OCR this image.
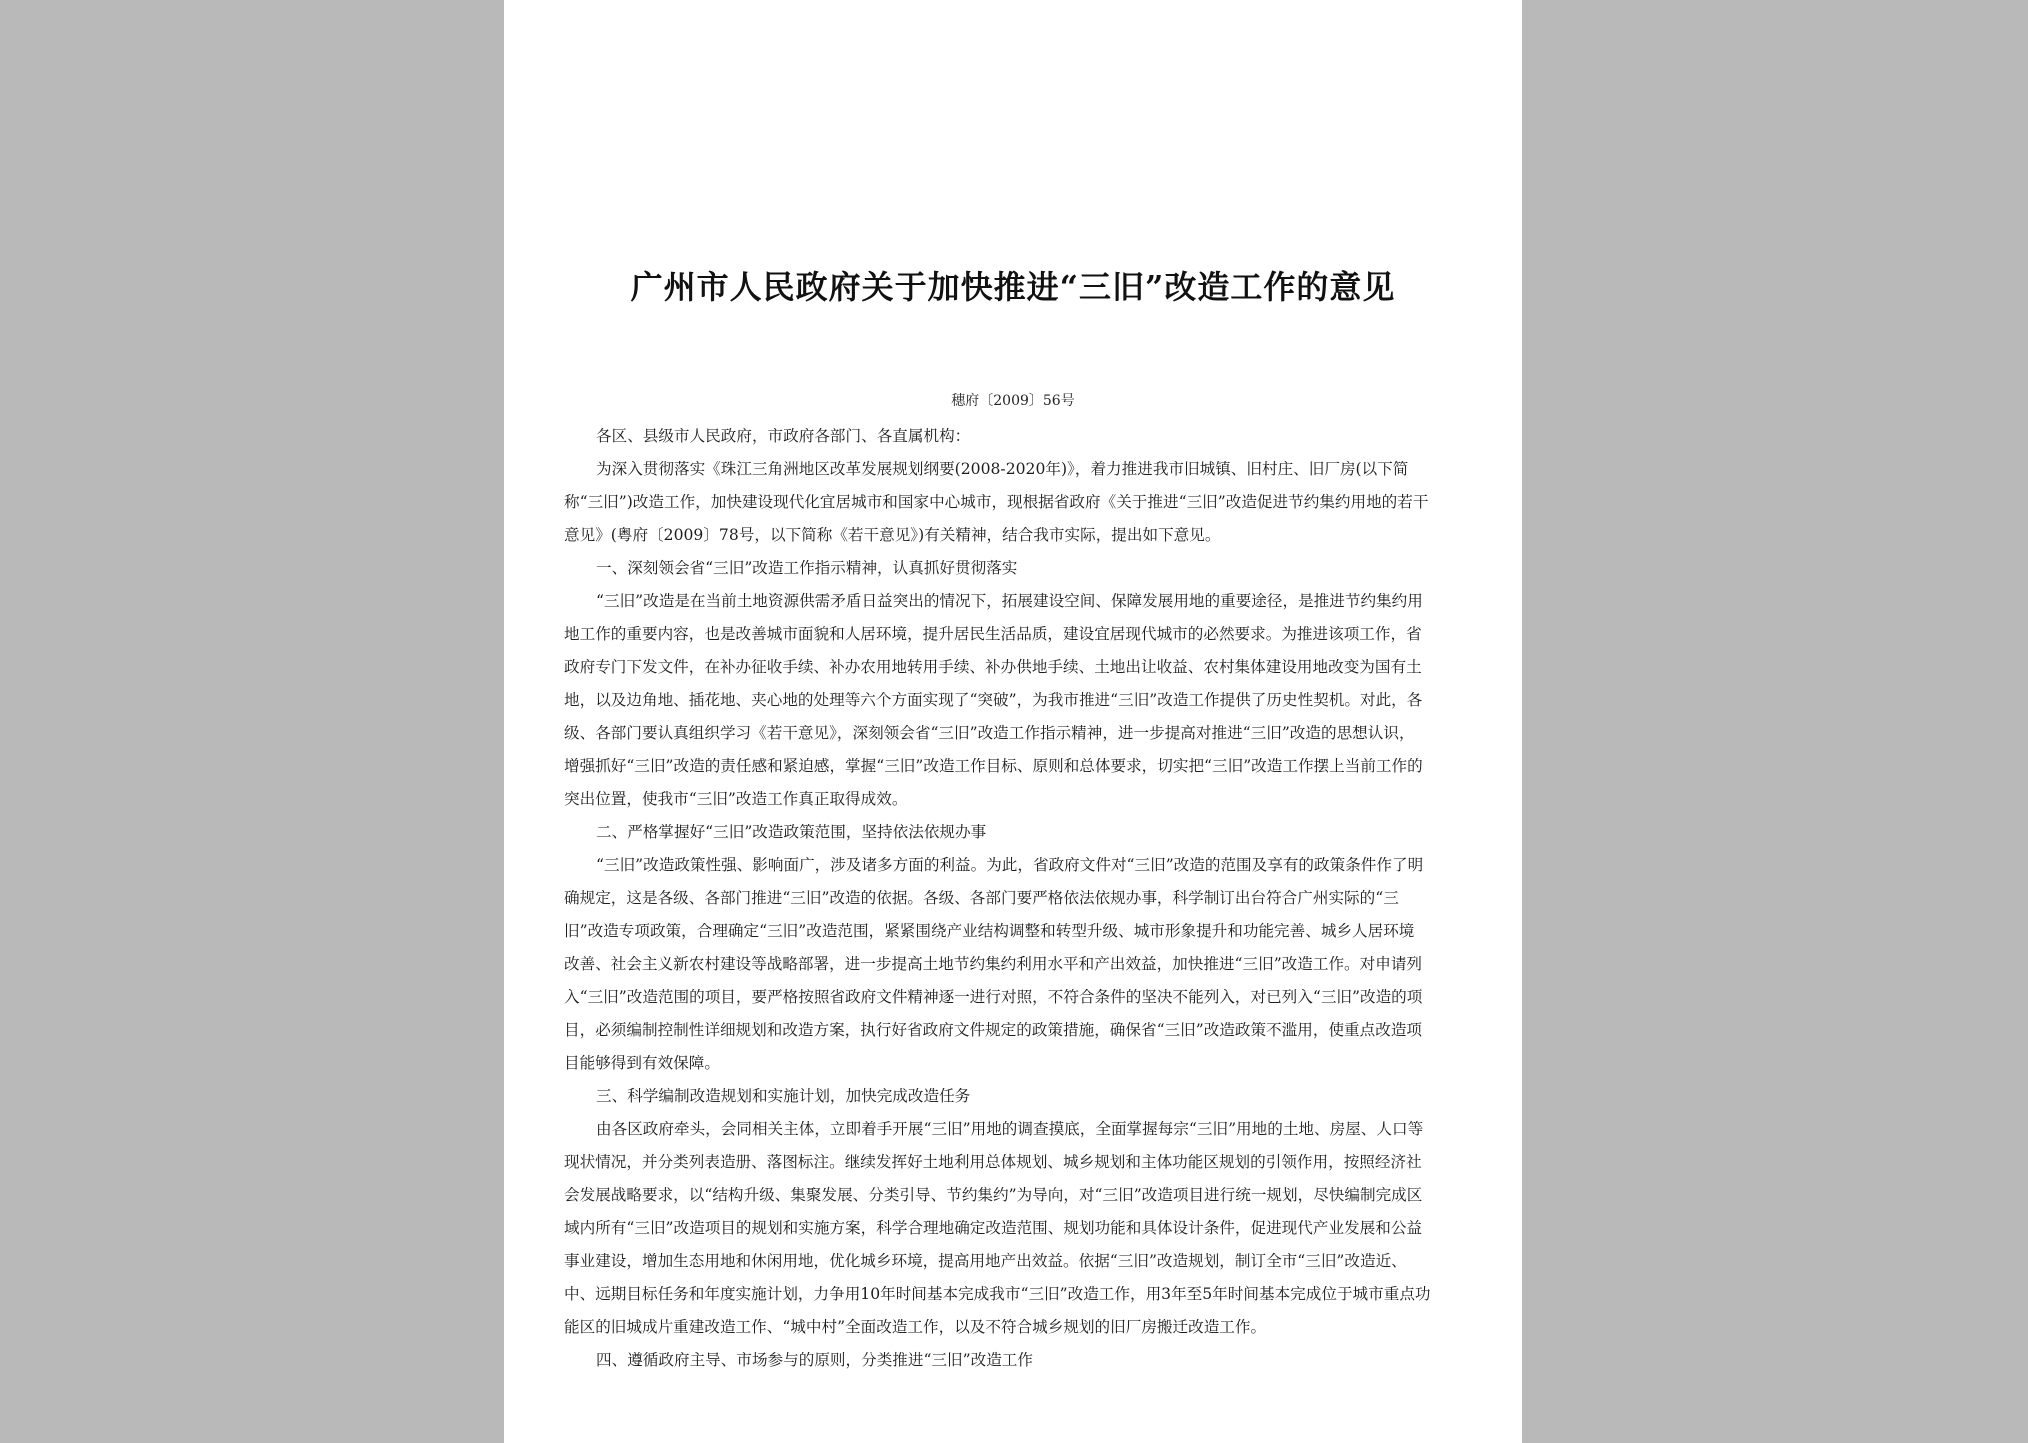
广州市人民政府关于加快推进“三旧”改造工作的意见
穗府〔2009〕56号
各区、县级市人民政府，市政府各部门、各直属机构：
为深入贯彻落实《珠江三角洲地区改革发展规划纲要(2008-2020年)》，着力推进我市旧城镇、旧村庄、旧厂房(以下简
称“三旧”)改造工作，加快建设现代化宜居城市和国家中心城市，现根据省政府《关于推进“三旧”改造促进节约集约用地的若干
意见》(粤府〔2009〕78号，以下简称《若干意见》)有关精神，结合我市实际，提出如下意见。
一、深刻领会省“三旧”改造工作指示精神，认真抓好贯彻落实
“三旧”改造是在当前土地资源供需矛盾日益突出的情况下，拓展建设空间、保障发展用地的重要途径，是推进节约集约用
地工作的重要内容，也是改善城市面貌和人居环境，提升居民生活品质，建设宜居现代城市的必然要求。为推进该项工作，省
政府专门下发文件，在补办征收手续、补办农用地转用手续、补办供地手续、土地出让收益、农村集体建设用地改变为国有土
地，以及边角地、插花地、夹心地的处理等六个方面实现了“突破”，为我市推进“三旧”改造工作提供了历史性契机。对此，各
级、各部门要认真组织学习《若干意见》，深刻领会省“三旧”改造工作指示精神，进一步提高对推进“三旧”改造的思想认识，
增强抓好“三旧”改造的责任感和紧迫感，掌握“三旧”改造工作目标、原则和总体要求，切实把“三旧”改造工作摆上当前工作的
突出位置，使我市“三旧”改造工作真正取得成效。
二、严格掌握好“三旧”改造政策范围，坚持依法依规办事
“三旧”改造政策性强、影响面广，涉及诸多方面的利益。为此，省政府文件对“三旧”改造的范围及享有的政策条件作了明
确规定，这是各级、各部门推进“三旧”改造的依据。各级、各部门要严格依法依规办事，科学制订出台符合广州实际的“三
旧”改造专项政策，合理确定“三旧”改造范围，紧紧围绕产业结构调整和转型升级、城市形象提升和功能完善、城乡人居环境
改善、社会主义新农村建设等战略部署，进一步提高土地节约集约利用水平和产出效益，加快推进“三旧”改造工作。对申请列
入“三旧”改造范围的项目，要严格按照省政府文件精神逐一进行对照，不符合条件的坚决不能列入，对已列入“三旧”改造的项
目，必须编制控制性详细规划和改造方案，执行好省政府文件规定的政策措施，确保省“三旧”改造政策不滥用，使重点改造项
目能够得到有效保障。
三、科学编制改造规划和实施计划，加快完成改造任务
由各区政府牵头，会同相关主体，立即着手开展“三旧”用地的调查摸底，全面掌握每宗“三旧”用地的土地、房屋、人口等
现状情况，并分类列表造册、落图标注。继续发挥好土地利用总体规划、城乡规划和主体功能区规划的引领作用，按照经济社
会发展战略要求，以“结构升级、集聚发展、分类引导、节约集约”为导向，对“三旧”改造项目进行统一规划，尽快编制完成区
域内所有“三旧”改造项目的规划和实施方案，科学合理地确定改造范围、规划功能和具体设计条件，促进现代产业发展和公益
事业建设，增加生态用地和休闲用地，优化城乡环境，提高用地产出效益。依据“三旧”改造规划，制订全市“三旧”改造近、
中、远期目标任务和年度实施计划，力争用10年时间基本完成我市“三旧”改造工作，用3年至5年时间基本完成位于城市重点功
能区的旧城成片重建改造工作、“城中村”全面改造工作，以及不符合城乡规划的旧厂房搬迁改造工作。
四、遵循政府主导、市场参与的原则，分类推进“三旧”改造工作
